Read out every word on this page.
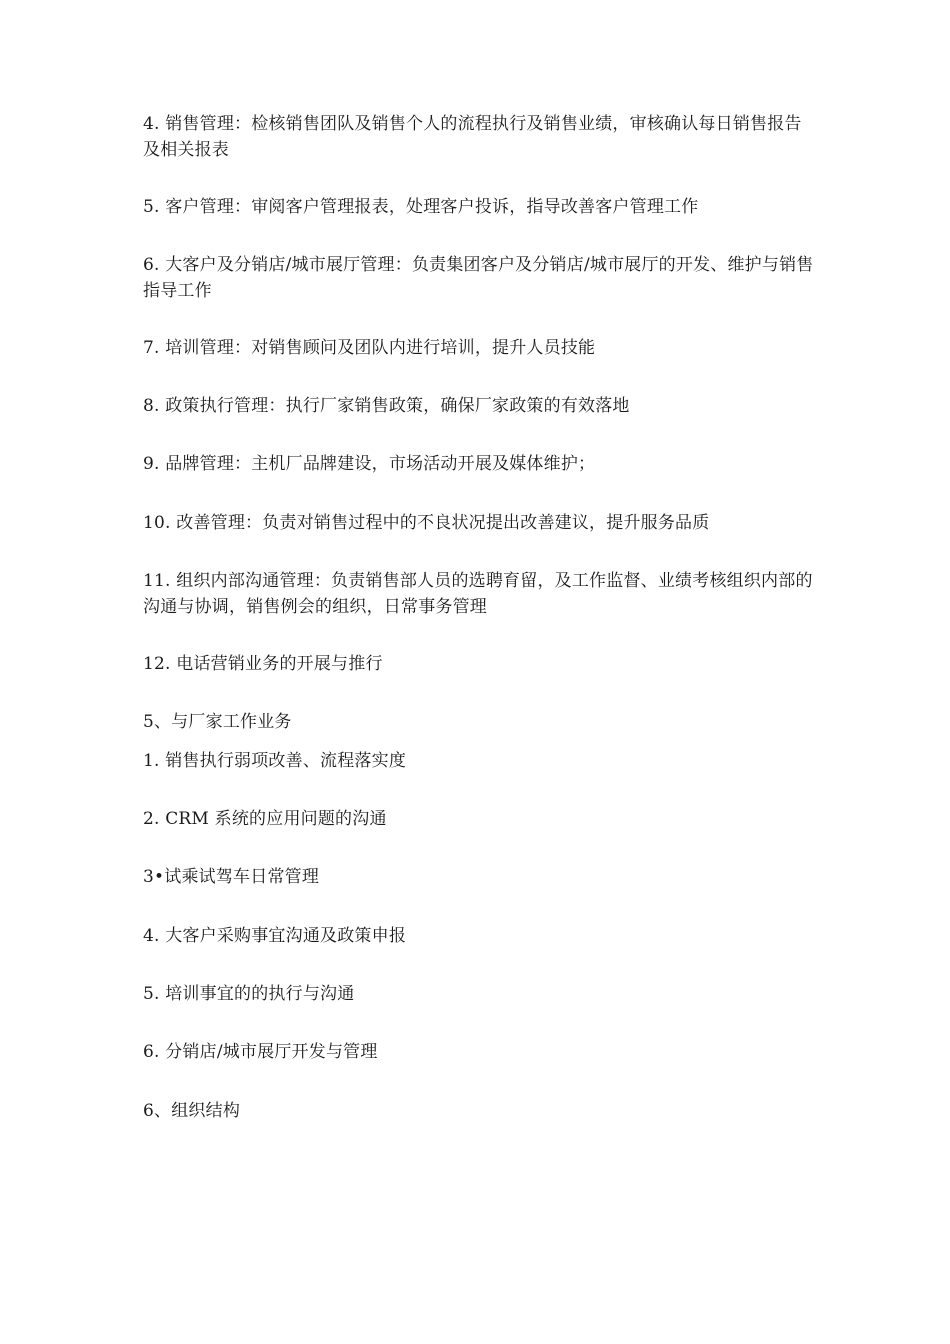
4. 销售管理：检核销售团队及销售个人的流程执行及销售业绩，审核确认每日销售报告及相关报表
5. 客户管理：审阅客户管理报表，处理客户投诉，指导改善客户管理工作
6. 大客户及分销店/城市展厅管理：负责集团客户及分销店/城市展厅的开发、维护与销售指导工作
7. 培训管理：对销售顾问及团队内进行培训，提升人员技能
8. 政策执行管理：执行厂家销售政策，确保厂家政策的有效落地
9. 品牌管理：主机厂品牌建设，市场活动开展及媒体维护；
10. 改善管理：负责对销售过程中的不良状况提出改善建议，提升服务品质
11. 组织内部沟通管理：负责销售部人员的选聘育留，及工作监督、业绩考核组织内部的沟通与协调，销售例会的组织，日常事务管理
12. 电话营销业务的开展与推行
5、与厂家工作业务
1. 销售执行弱项改善、流程落实度
2. CRM 系统的应用问题的沟通
3•试乘试驾车日常管理
4. 大客户采购事宜沟通及政策申报
5. 培训事宜的的执行与沟通
6. 分销店/城市展厅开发与管理
6、组织结构
